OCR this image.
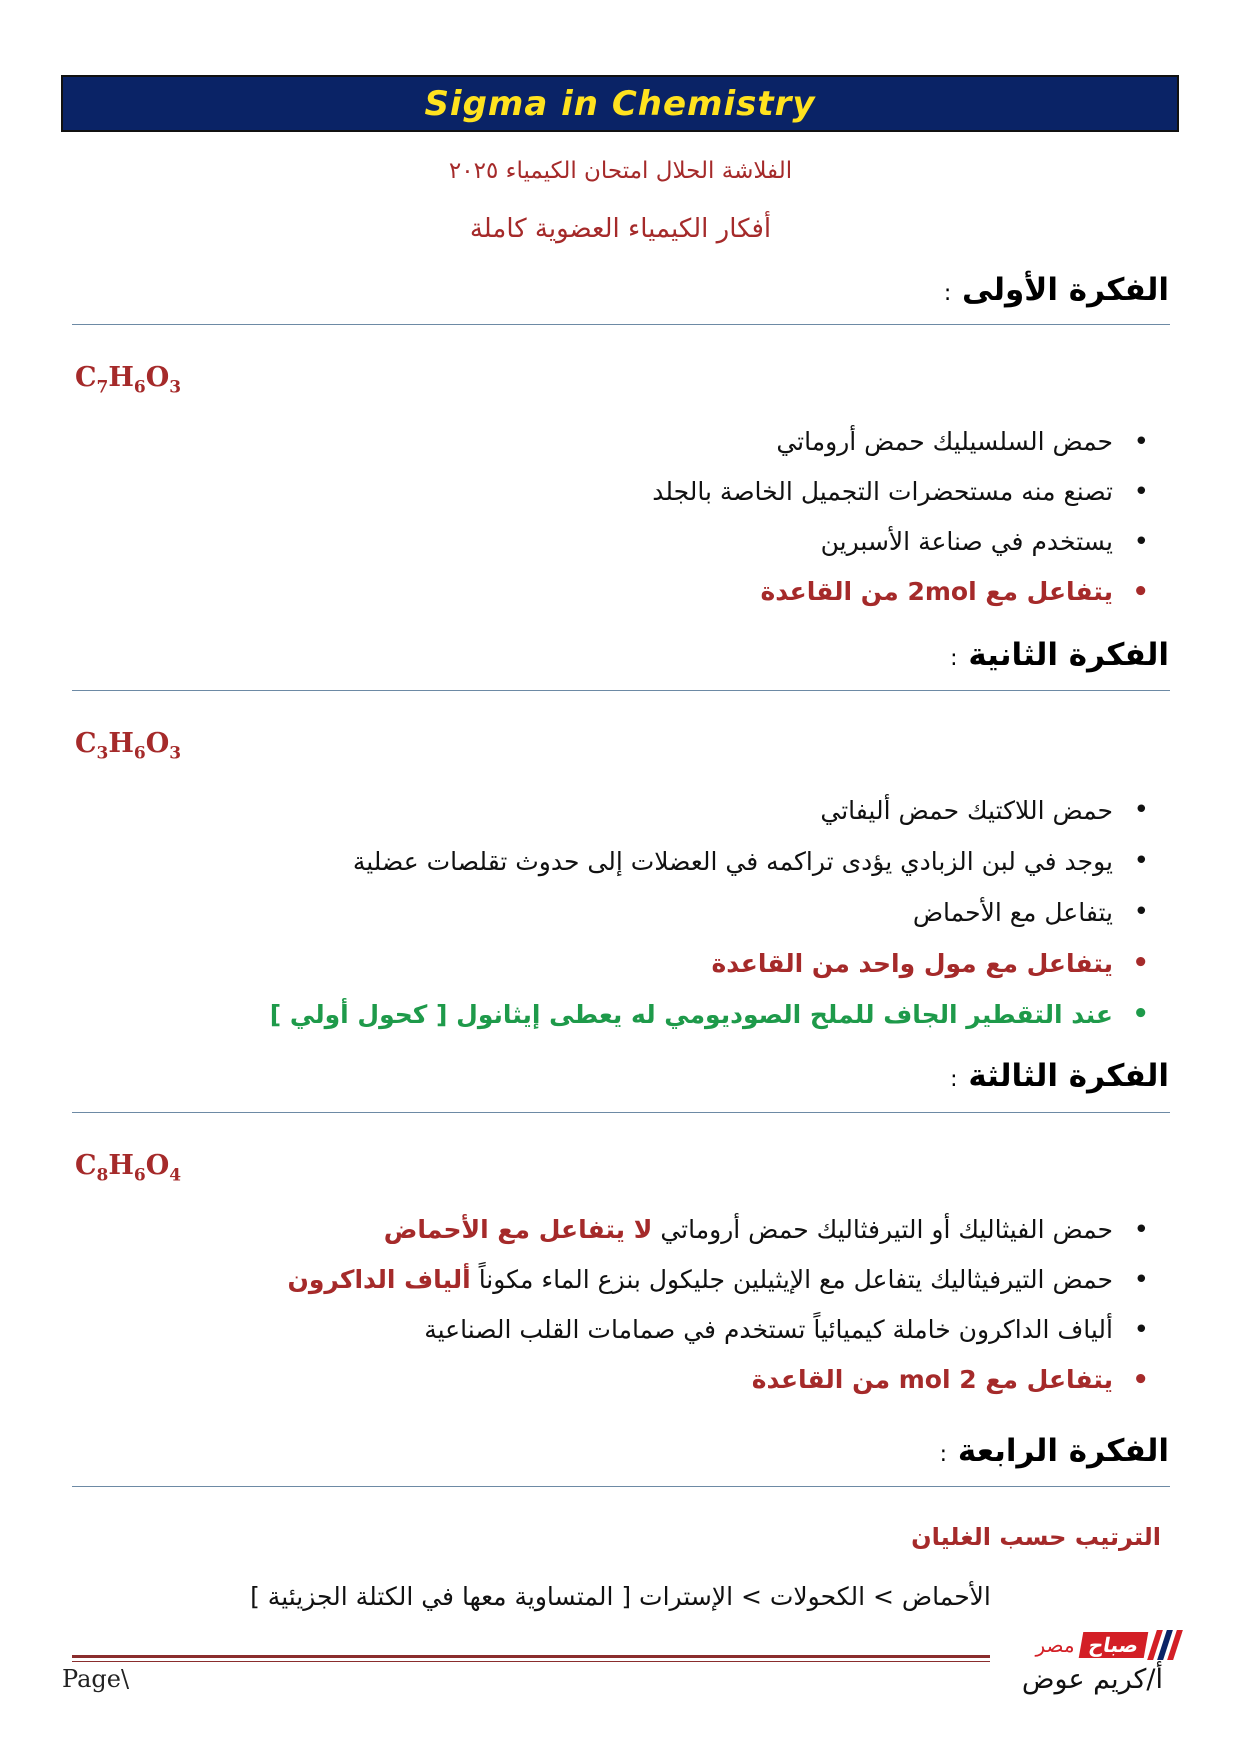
Sigma in Chemistry
الفلاشة الحلال امتحان الكيمياء ٢٠٢٥
أفكار الكيمياء العضوية كاملة
الفكرة الأولى :
$C_7H_6O_3$
• حمض السلسيليك حمض أروماتي
• تصنع منه مستحضرات التجميل الخاصة بالجلد
• يستخدم في صناعة الأسبرين
• يتفاعل مع 2mol من القاعدة
الفكرة الثانية :
$C_3H_6O_3$
• حمض اللاكتيك حمض أليفاتي
• يوجد في لبن الزبادي يؤدى تراكمه في العضلات إلى حدوث تقلصات عضلية
• يتفاعل مع الأحماض
• يتفاعل مع مول واحد من القاعدة
• عند التقطير الجاف للملح الصوديومي له يعطى إيثانول [ كحول أولي ]
الفكرة الثالثة :
$C_8H_6O_4$
• حمض الفيثاليك أو التيرفثاليك حمض أروماتي لا يتفاعل مع الأحماض
• حمض التيرفيثاليك يتفاعل مع الإيثيلين جليكول بنزع الماء مكوناً ألياف الداكرون
• ألياف الداكرون خاملة كيميائياً تستخدم في صمامات القلب الصناعية
• يتفاعل مع 2 mol من القاعدة
الفكرة الرابعة :
الترتيب حسب الغليان
الأحماض > الكحولات > الإسترات [ المتساوية معها في الكتلة الجزيئية ]
صباح
مصر
Page\	أ/كريم عوض
